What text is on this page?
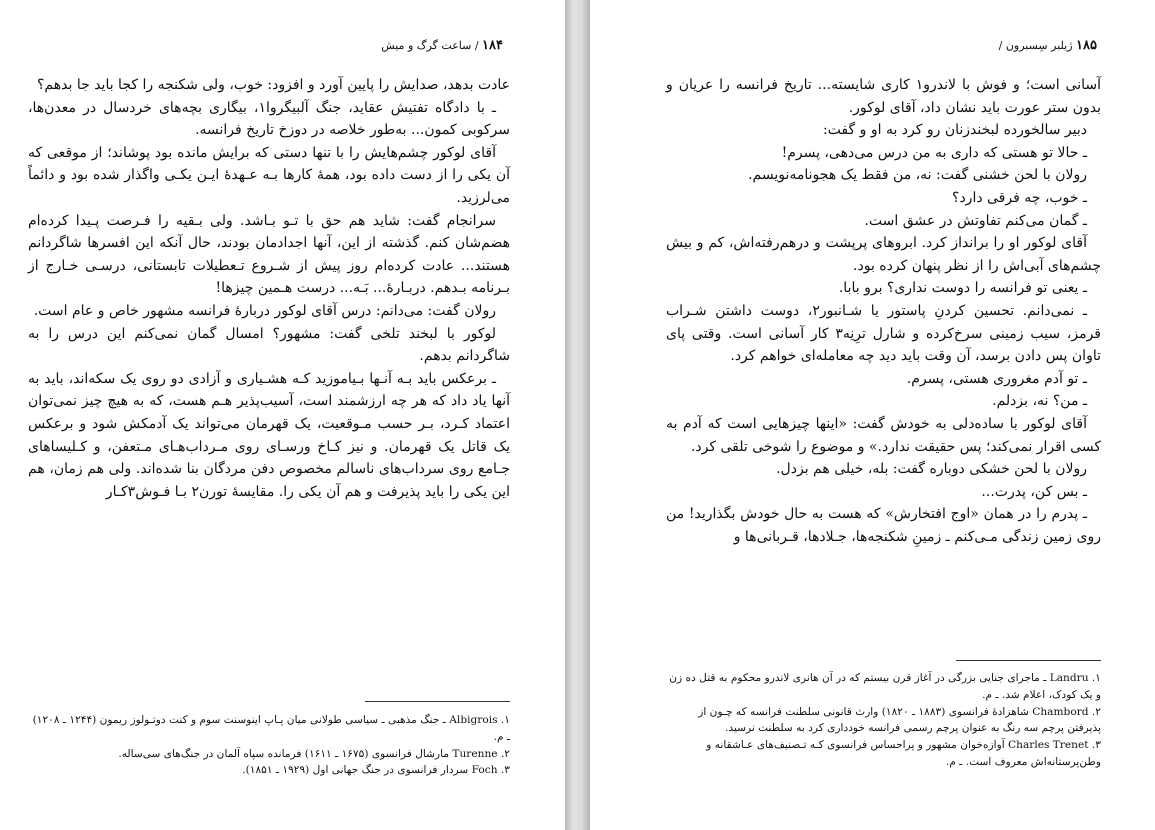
۱۸۴ / ساعت گرگ و میش

عادت بدهد، صدایش را پایین آورد و افزود: خوب، ولی شکنجه را کجا باید جا بدهم؟

ـ با دادگاه تفتیش عقاید، جنگ آلبیگروا۱، بیگاری بچه‌های خردسال در معدن‌ها، سرکوبی کمون... به‌طور خلاصه در دوزخ تاریخ فرانسه.

آقای لوکور چشم‌هایش را با تنها دستی که برایش مانده بود پوشاند؛ از موقعی که آن یکی را از دست داده بود، همهٔ کارها بـه عـهدهٔ ایـن یکـی واگذار شده بود و دائماً می‌لرزید.

سرانجام گفت: شاید هم حق با تـو بـاشد. ولی بـقیه را فـرصت پـیدا کرده‌ام هضم‌شان کنم. گذشته از این، آنها اجدادمان بودند، حال آنکه این افسرها شاگردانم هستند... عادت کرده‌ام روز پیش از شـروع تـعطیلات تابستانی، درسـی خـارج از بـرنامه بـدهم. دربـارهٔ... بَـه... درست هـمین چیزها!

رولان گفت: می‌دانم: درس آقای لوکور دربارهٔ فرانسه مشهور خاص و عام است.

لوکور با لبخند تلخی گفت: مشهور؟ امسال گمان نمی‌کنم این درس را به شاگردانم بدهم.

ـ برعکس باید بـه آنـها بـیاموزید کـه هشـیاری و آزادی دو روی یک سکه‌اند، باید به آنها یاد داد که هر چه ارزشمند است، آسیب‌پذیر هـم هست، که به هیچ چیز نمی‌توان اعتماد کـرد، بـر حسب مـوقعیت، یک قهرمان می‌تواند یک آدمکش شود و برعکس یک قاتل یک قهرمان. و نیز کـاخ ورسـای روی مـرداب‌هـای مـتعفن، و کـلیساهای جـامع روی سرداب‌های ناسالم مخصوص دفن مردگان بنا شده‌اند. ولی هم زمان، هم این یکی را باید پذیرفت و هم آن یکی را. مقایسهٔ تورن۲ بـا فـوش۳کـار

۱. Albigrois ـ جنگ مذهبی ـ سیاسی طولانی میان پـاپ اینوسنت سوم و کنت دوتـولوز ریمون (۱۲۴۴ ـ ۱۲۰۸) ـ م.

۲. Turenne مارشال فرانسوی (۱۶۷۵ ـ ۱۶۱۱) فرمانده سپاه آلمان در جنگ‌های سی‌ساله.

۳. Foch سردار فرانسوی در جنگ جهانی اول (۱۹۲۹ ـ ۱۸۵۱).

۱۸۵ ژیلبر سِسبرون /

آسانی است؛ و فوش با لاندرو۱ کاری شایسته... تاریخ فرانسه را عریان و بدون ستر عورت باید نشان داد، آقای لوکور.

دبیر سالخورده لبخندزنان رو کرد به او و گفت:

ـ حالا تو هستی که داری به من درس می‌دهی، پسرم!

رولان با لحن خشنی گفت: نه، من فقط یک هجونامه‌نویسم.

ـ خوب، چه فرقی دارد؟

ـ گمان می‌کنم تفاوتش در عشق است.

آقای لوکور او را برانداز کرد. ابروهای پرپشت و درهم‌رفته‌اش، کم و بیش چشم‌های آبی‌اش را از نظر پنهان کرده بود.

ـ یعنی تو فرانسه را دوست نداری؟ برو بابا.

ـ نمی‌دانم. تحسین کردنِ پاستور یا شـانبور۲، دوست داشتن شـراب قرمز، سیب زمینی سرخ‌کرده و شارل ترِنِه۳ کار آسانی است. وقتی پای تاوان پس دادن برسد، آن وقت باید دید چه معامله‌ای خواهم کرد.

ـ تو آدم مغروری هستی، پسرم.

ـ من؟ نه، بزدلم.

آقای لوکور با ساده‌دلی به خودش گفت: «اینها چیزهایی است که آدم به کسی اقرار نمی‌کند؛ پس حقیقت ندارد.» و موضوع را شوخی تلقی کرد.

رولان با لحن خشکی دوباره گفت: بله، خیلی هم بزدل.

ـ بس کن، پدرت...

ـ پدرم را در همان «اوج افتخارش» که هست به حال خودش بگذارید! من روی زمین زندگی مـی‌کنم ـ زمینِ شکنجه‌ها، جـلادها، قـربانی‌ها و

۱. Landru ـ ماجرای جنایی بزرگی در آغاز قرن بیستم که در آن هانری لاندرو محکوم به قتل ده زن و یک کودک، اعلام شد. ـ م.

۲. Chambord شاهزادهٔ فرانسوی (۱۸۸۳ ـ ۱۸۲۰) وارث قانونی سلطنت فرانسه که چـون از پذیرفتن پرچم سه رنگ به عنوان پرچم رسمی فرانسه خودداری کرد به سلطنت نرسید.

۳. Charles Trenet آوازه‌خوان مشهور و پراحساس فرانسوی کـه تـصنیف‌های عـاشقانه و وطن‌پرستانه‌اش معروف است. ـ م.
